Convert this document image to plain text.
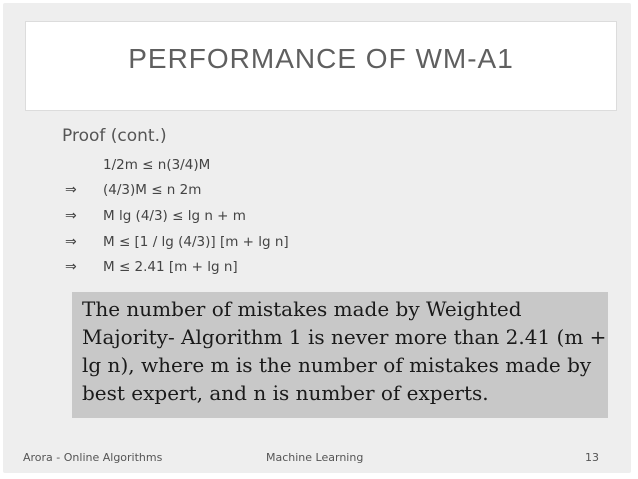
PERFORMANCE OF WM-A1
Proof (cont.)
1/2m ≤ n(3/4)M
⇒	(4/3)M ≤ n 2m
⇒	M lg (4/3) ≤ lg n + m
⇒	M ≤ [1 / lg (4/3)] [m + lg n]
⇒	M ≤ 2.41 [m + lg n]
The number of mistakes made by Weighted Majority- Algorithm 1 is never more than 2.41 (m + lg n), where m is the number of mistakes made by best expert, and n is number of experts.
Arora - Online Algorithms	Machine Learning	13
